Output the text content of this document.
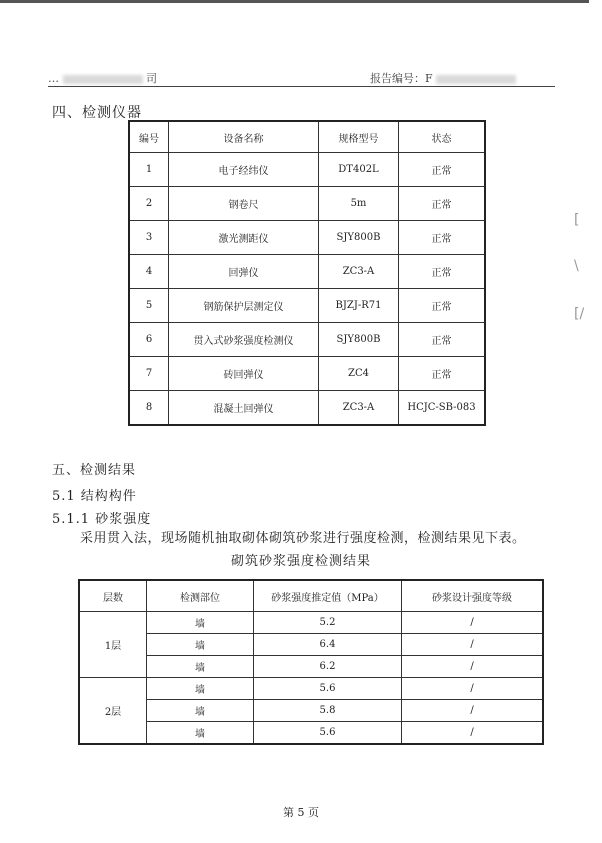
…	司	报告编号：F
四、检测仪器
编号	设备名称	规格型号	状态
1	电子经纬仪	DT402L	正常
2	钢卷尺	5m	正常
3	激光测距仪	SJY800B	正常
4	回弹仪	ZC3-A	正常
5	钢筋保护层测定仪	BJZJ-R71	正常
6	贯入式砂浆强度检测仪	SJY800B	正常
7	砖回弹仪	ZC4	正常
8	混凝土回弹仪	ZC3-A	HCJC-SB-083
五、检测结果
5.1 结构构件
5.1.1 砂浆强度
采用贯入法，现场随机抽取砌体砌筑砂浆进行强度检测，检测结果见下表。
砌筑砂浆强度检测结果
层数	检测部位	砂浆强度推定值（MPa）	砂浆设计强度等级
1层	墙	5.2	/
	墙	6.4	/
	墙	6.2	/
2层	墙	5.6	/
	墙	5.8	/
	墙	5.6	/
第 5 页
[
\
[/
